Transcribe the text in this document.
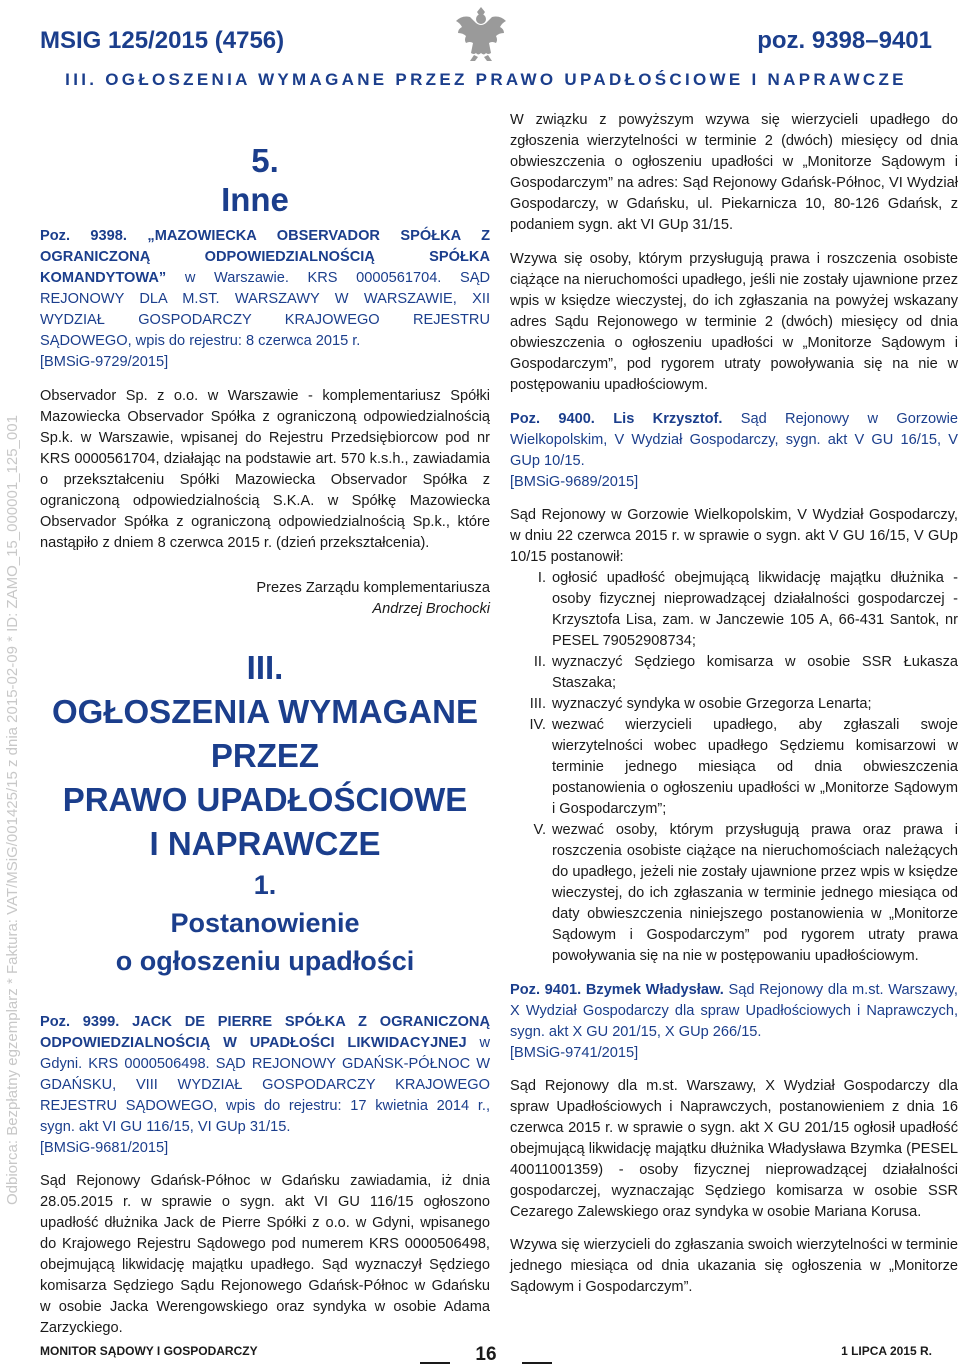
Odbiorca: Bezpłatny egzemplarz * Faktura: VAT/MSiG/001425/15 z dnia 2015-02-09 * ID: ZAMO_15_000001_125_001
MSIG 125/2015 (4756)	poz. 9398–9401
III. OGŁOSZENIA WYMAGANE PRZEZ PRAWO UPADŁOŚCIOWE I NAPRAWCZE
5.
Inne
Poz. 9398. „MAZOWIECKA OBSERVADOR SPÓŁKA Z OGRANICZONĄ ODPOWIEDZIALNOŚCIĄ SPÓŁKA KOMANDYTOWA” w Warszawie. KRS 0000561704. SĄD REJONOWY DLA M.ST. WARSZAWY W WARSZAWIE, XII WYDZIAŁ GOSPODARCZY KRAJOWEGO REJESTRU SĄDOWEGO, wpis do rejestru: 8 czerwca 2015 r.
[BMSiG-9729/2015]
Observador Sp. z o.o. w Warszawie - komplementariusz Spółki Mazowiecka Observador Spółka z ograniczoną odpowiedzialnością Sp.k. w Warszawie, wpisanej do Rejestru Przedsiębiorcow pod nr KRS 0000561704, działając na podstawie art. 570 k.s.h., zawiadamia o przekształceniu Spółki Mazowiecka Observador Spółka z ograniczoną odpowiedzialnością S.K.A. w Spółkę Mazowiecka Observador Spółka z ograniczoną odpowiedzialnością Sp.k., które nastąpiło z dniem 8 czerwca 2015 r. (dzień przekształcenia).
Prezes Zarządu komplementariusza
Andrzej Brochocki
III.
OGŁOSZENIA WYMAGANE
PRZEZ
PRAWO UPADŁOŚCIOWE
I NAPRAWCZE
1.
Postanowienie
o ogłoszeniu upadłości
Poz. 9399. JACK DE PIERRE SPÓŁKA Z OGRANICZONĄ ODPOWIEDZIALNOŚCIĄ W UPADŁOŚCI LIKWIDACYJNEJ w Gdyni. KRS 0000506498. SĄD REJONOWY GDAŃSK-PÓŁNOC W GDAŃSKU, VIII WYDZIAŁ GOSPODARCZY KRAJOWEGO REJESTRU SĄDOWEGO, wpis do rejestru: 17 kwietnia 2014 r., sygn. akt VI GU 116/15, VI GUp 31/15.
[BMSiG-9681/2015]
Sąd Rejonowy Gdańsk-Północ w Gdańsku zawiadamia, iż dnia 28.05.2015 r. w sprawie o sygn. akt VI GU 116/15 ogłoszono upadłość dłużnika Jack de Pierre Spółki z o.o. w Gdyni, wpisanego do Krajowego Rejestru Sądowego pod numerem KRS 0000506498, obejmującą likwidację majątku upadłego. Sąd wyznaczył Sędziego komisarza Sędziego Sądu Rejonowego Gdańsk-Północ w Gdańsku w osobie Jacka Werengowskiego oraz syndyka w osobie Adama Zarzyckiego.
W związku z powyższym wzywa się wierzycieli upadłego do zgłoszenia wierzytelności w terminie 2 (dwóch) miesięcy od dnia obwieszczenia o ogłoszeniu upadłości w „Monitorze Sądowym i Gospodarczym” na adres: Sąd Rejonowy Gdańsk-Północ, VI Wydział Gospodarczy, w Gdańsku, ul. Piekarnicza 10, 80-126 Gdańsk, z podaniem sygn. akt VI GUp 31/15.
Wzywa się osoby, którym przysługują prawa i roszczenia osobiste ciążące na nieruchomości upadłego, jeśli nie zostały ujawnione przez wpis w księdze wieczystej, do ich zgłaszania na powyżej wskazany adres Sądu Rejonowego w terminie 2 (dwóch) miesięcy od dnia obwieszczenia o ogłoszeniu upadłości w „Monitorze Sądowym i Gospodarczym”, pod rygorem utraty powoływania się na nie w postępowaniu upadłościowym.
Poz. 9400. Lis Krzysztof. Sąd Rejonowy w Gorzowie Wielkopolskim, V Wydział Gospodarczy, sygn. akt V GU 16/15, V GUp 10/15.
[BMSiG-9689/2015]
Sąd Rejonowy w Gorzowie Wielkopolskim, V Wydział Gospodarczy, w dniu 22 czerwca 2015 r. w sprawie o sygn. akt V GU 16/15, V GUp 10/15 postanowił:
I. ogłosić upadłość obejmującą likwidację majątku dłużnika - osoby fizycznej nieprowadzącej działalności gospodarczej - Krzysztofa Lisa, zam. w Janczewie 105 A, 66-431 Santok, nr PESEL 79052908734;
II. wyznaczyć Sędziego komisarza w osobie SSR Łukasza Staszaka;
III. wyznaczyć syndyka w osobie Grzegorza Lenarta;
IV. wezwać wierzycieli upadłego, aby zgłaszali swoje wierzytelności wobec upadłego Sędziemu komisarzowi w terminie jednego miesiąca od dnia obwieszczenia postanowienia o ogłoszeniu upadłości w „Monitorze Sądowym i Gospodarczym”;
V. wezwać osoby, którym przysługują prawa oraz prawa i roszczenia osobiste ciążące na nieruchomościach należących do upadłego, jeżeli nie zostały ujawnione przez wpis w księdze wieczystej, do ich zgłaszania w terminie jednego miesiąca od daty obwieszczenia niniejszego postanowienia w „Monitorze Sądowym i Gospodarczym” pod rygorem utraty prawa powoływania się na nie w postępowaniu upadłościowym.
Poz. 9401. Bzymek Władysław. Sąd Rejonowy dla m.st. Warszawy, X Wydział Gospodarczy dla spraw Upadłościowych i Naprawczych, sygn. akt X GU 201/15, X GUp 266/15.
[BMSiG-9741/2015]
Sąd Rejonowy dla m.st. Warszawy, X Wydział Gospodarczy dla spraw Upadłościowych i Naprawczych, postanowieniem z dnia 16 czerwca 2015 r. w sprawie o sygn. akt X GU 201/15 ogłosił upadłość obejmującą likwidację majątku dłużnika Władysława Bzymka (PESEL 40011001359) - osoby fizycznej nieprowadzącej działalności gospodarczej, wyznaczając Sędziego komisarza w osobie SSR Cezarego Zalewskiego oraz syndyka w osobie Mariana Korusa.
Wzywa się wierzycieli do zgłaszania swoich wierzytelności w terminie jednego miesiąca od dnia ukazania się ogłoszenia w „Monitorze Sądowym i Gospodarczym”.
MONITOR SĄDOWY I GOSPODARCZY	16	1 LIPCA 2015 R.
